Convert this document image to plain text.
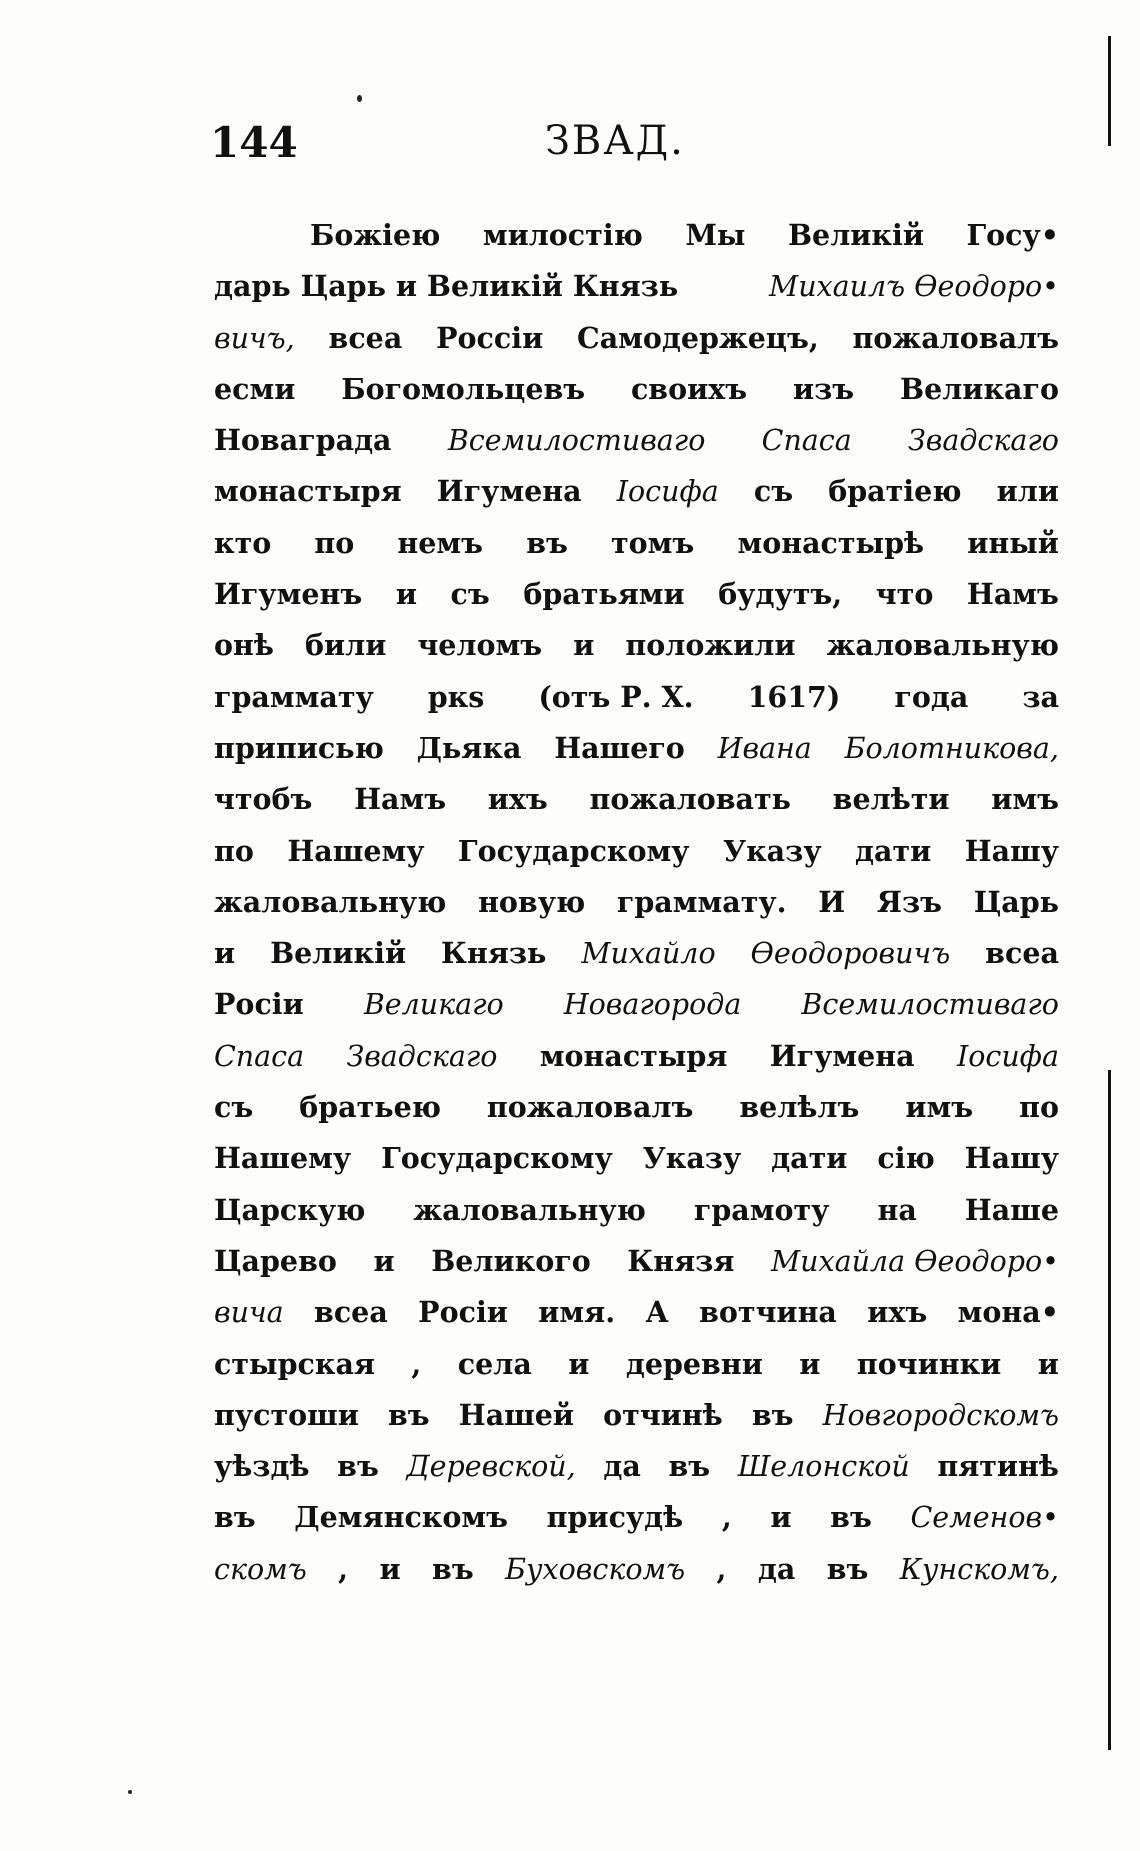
144	ЗВАД.
Божіею милостію Мы Великій Госу•
дарь Царь и Великій Князь	Михаилъ Өеодоро•
вичъ, всеа Россіи Самодержецъ, пожаловалъ
есми Богомольцевъ своихъ изъ Великаго
Новаграда Всемилостиваго Спаса Звадскаго
монастыря Игумена Іосифа съ братіею или
кто по немъ въ томъ монастырѣ иный
Игуменъ и съ братьями будутъ, что Намъ
онѣ били челомъ и положили жаловальную
граммату ркѕ (отъ Р. Х. 1617) года за
приписью Дьяка Нашего Ивана Болотникова,
чтобъ Намъ ихъ пожаловать велѣти имъ
по Нашему Государскому Указу дати Нашу
жаловальную новую граммату. И Язъ Царь
и Великій Князь Михайло Өеодоровичъ всеа
Росіи Великаго Новагорода Всемилостиваго
Спаса Звадскаго монастыря Игумена Іосифа
съ братьею пожаловалъ велѣлъ имъ по
Нашему Государскому Указу дати сію Нашу
Царскую жаловальную грамоту на Наше
Царево и Великого Князя Михайла Өеодоро•
вича всеа Росіи имя. А вотчина ихъ мона•
стырская , села и деревни и починки и
пустоши въ Нашей отчинѣ въ Новгородскомъ
уѣздѣ въ Деревской, да въ Шелонской пятинѣ
въ Демянскомъ присудѣ , и въ Семенов•
скомъ , и въ Буховскомъ , да въ Кунскомъ,
